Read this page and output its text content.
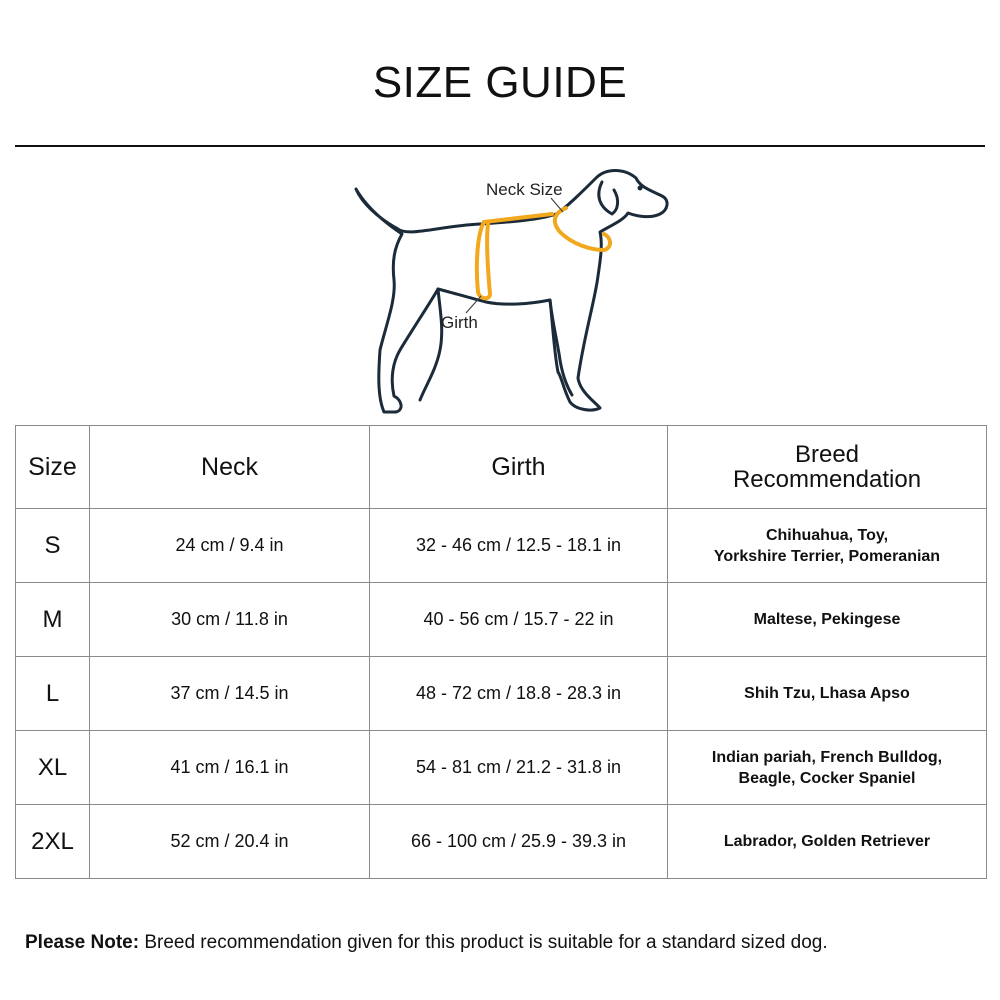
SIZE GUIDE
Neck Size
Girth
Size	Neck	Girth	Breed
Recommendation
S	24 cm / 9.4 in	32 - 46 cm / 12.5 - 18.1 in	Chihuahua, Toy,
Yorkshire Terrier, Pomeranian
M	30 cm / 11.8 in	40 - 56 cm / 15.7 - 22 in	Maltese, Pekingese
L	37 cm / 14.5 in	48 - 72 cm / 18.8 - 28.3 in	Shih Tzu, Lhasa Apso
XL	41 cm / 16.1 in	54 - 81 cm / 21.2 - 31.8 in	Indian pariah, French Bulldog,
Beagle, Cocker Spaniel
2XL	52 cm / 20.4 in	66 - 100 cm / 25.9 - 39.3 in	Labrador, Golden Retriever
Please Note: Breed recommendation given for this product is suitable for a standard sized dog.
